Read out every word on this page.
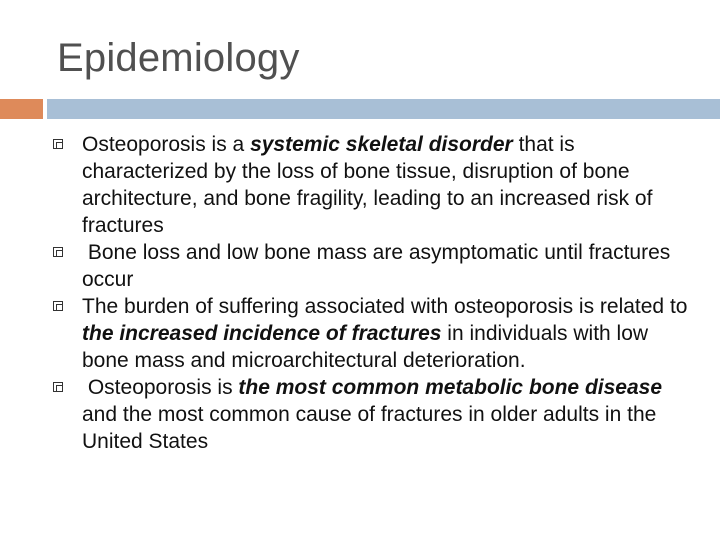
Epidemiology
Osteoporosis is a systemic skeletal disorder that is characterized by the loss of bone tissue, disruption of bone architecture, and bone fragility, leading to an increased risk of fractures
Bone loss and low bone mass are asymptomatic until fractures occur
The burden of suffering associated with osteoporosis is related to the increased incidence of fractures in individuals with low bone mass and microarchitectural deterioration.
Osteoporosis is the most common metabolic bone disease and the most common cause of fractures in older adults in the United States
